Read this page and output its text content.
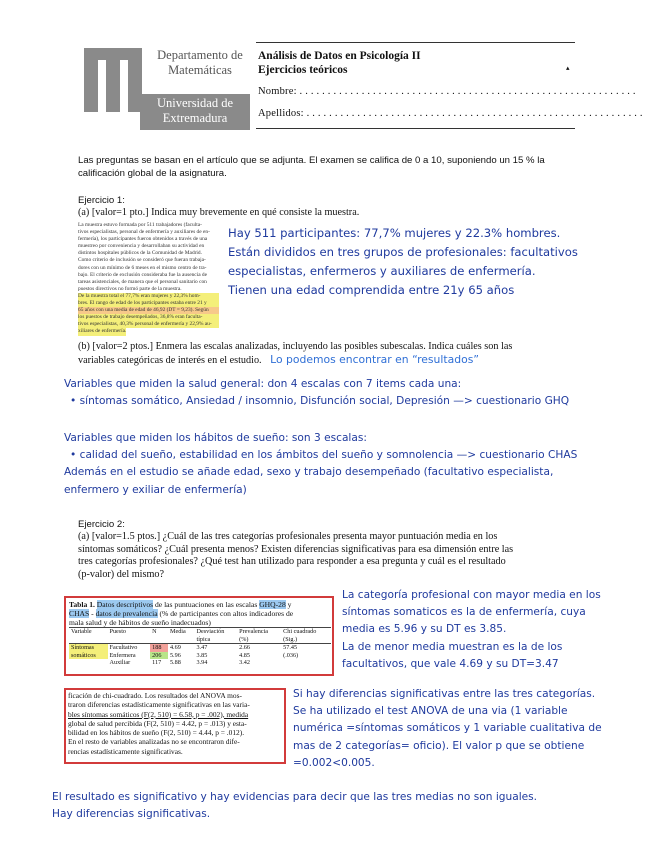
Departamento de
Matemáticas
Universidad de
Extremadura
Análisis de Datos en Psicología II
Ejercicios teóricos	▴
Nombre: . . . . . . . . . . . . . . . . . . . . . . . . . . . . . . . . . . . . . . . . . . . . . . . . . . . . . . . . . . . .
Apellidos: . . . . . . . . . . . . . . . . . . . . . . . . . . . . . . . . . . . . . . . . . . . . . . . . . . . . . . . . . . . .
Las preguntas se basan en el artículo que se adjunta. El examen se califica de 0 a 10, suponiendo un 15 % la
calificación global de la asignatura.
Ejercicio 1:
(a) [valor=1 pto.] Indica muy brevemente en qué consiste la muestra.
La muestra estuvo formada por 511 trabajadores (faculta-
tivos especialistas, personal de enfermería y auxiliares de en-
fermería), los participantes fueron obtenidos a través de una
muestreo por conveniencia y desarrollaban su actividad en
distintos hospitales públicos de la Comunidad de Madrid.
Como criterio de inclusión se consideró que fueran trabaja-
dores con un mínimo de 6 meses en el mismo centro de tra-
bajo. El criterio de exclusión consideraba fue la ausencia de
tareas asistenciales, de manera que el personal sanitario con
puestos directivos no formó parte de la muestra.
De la muestra total el 77,7% eran mujeres y 22,3% hom-
bres. El rango de edad de los participantes estaba entre 21 y
65 años con una media de edad de 46,92 (DT = 9,23). Según
los puestos de trabajo desempeñados, 36,8% eran faculta-
tivos especialistas, 40,3% personal de enfermería y 22,9% au-
xiliares de enfermería.
Hay 511 participantes: 77,7% mujeres y 22.3% hombres.
Están divididos en tres grupos de profesionales: facultativos
especialistas, enfermeros y auxiliares de enfermería.
Tienen una edad comprendida entre 21y 65 años
(b) [valor=2 ptos.] Enmera las escalas analizadas, incluyendo las posibles subescalas. Indica cuáles son las
variables categóricas de interés en el estudio. Lo podemos encontrar en “resultados”
Variables que miden la salud general: don 4 escalas con 7 items cada una:
• síntomas somático, Ansiedad / insomnio, Disfunción social, Depresión —> cuestionario GHQ
Variables que miden los hábitos de sueño: son 3 escalas:
• calidad del sueño, estabilidad en los ámbitos del sueño y somnolencia —> cuestionario CHAS
Además en el estudio se añade edad, sexo y trabajo desempeñado (facultativo especialista,
enfermero y exiliar de enfermería)
Ejercicio 2:
(a) [valor=1.5 ptos.] ¿Cuál de las tres categorías profesionales presenta mayor puntuación media en los
síntomas somáticos? ¿Cuál presenta menos? Existen diferencias significativas para esa dimensión entre las
tres categorías profesionales? ¿Qué test han utilizado para responder a esa pregunta y cuál es el resultado
(p-valor) del mismo?
Tabla 1. Datos descriptivos de las puntuaciones en las escalas GHQ-28 y
CHAS - datos de prevalencia (% de participantes con altos indicadores de
mala salud y de hábitos de sueño inadecuados)
Variable	Puesto	N	Media	Desviación	Prevalencia	Chi cuadrado
				típica	(%)	(Sig.)
Síntomas	Facultativo	188	4.69	3.47	2.66	57.45
somáticos	Enfermera	206	5.96	3.85	4.85	(.036)
	Auxiliar	117	5.88	3.94	3.42	
La categoría profesional con mayor media en los
síntomas somaticos es la de enfermería, cuya
media es 5.96 y su DT es 3.85.
La de menor media muestran es la de los
facultativos, que vale 4.69 y su DT=3.47
ficación de chi-cuadrado. Los resultados del ANOVA mos-
traron diferencias estadísticamente significativas en las varia-
bles síntomas somáticos (F(2, 510) = 6.58, p = .002), medida
global de salud percibida (F(2, 510) = 4.42, p = .013) y esta-
bilidad en los hábitos de sueño (F(2, 510) = 4.44, p = .012).
En el resto de variables analizadas no se encontraron dife-
rencias estadísticamente significativas.
Si hay diferencias significativas entre las tres categorías.
Se ha utilizado el test ANOVA de una via (1 variable
numérica =síntomas somáticos y 1 variable cualitativa de
mas de 2 categorías= oficio). El valor p que se obtiene
=0.002<0.005.
El resultado es significativo y hay evidencias para decir que las tres medias no son iguales.
Hay diferencias significativas.
